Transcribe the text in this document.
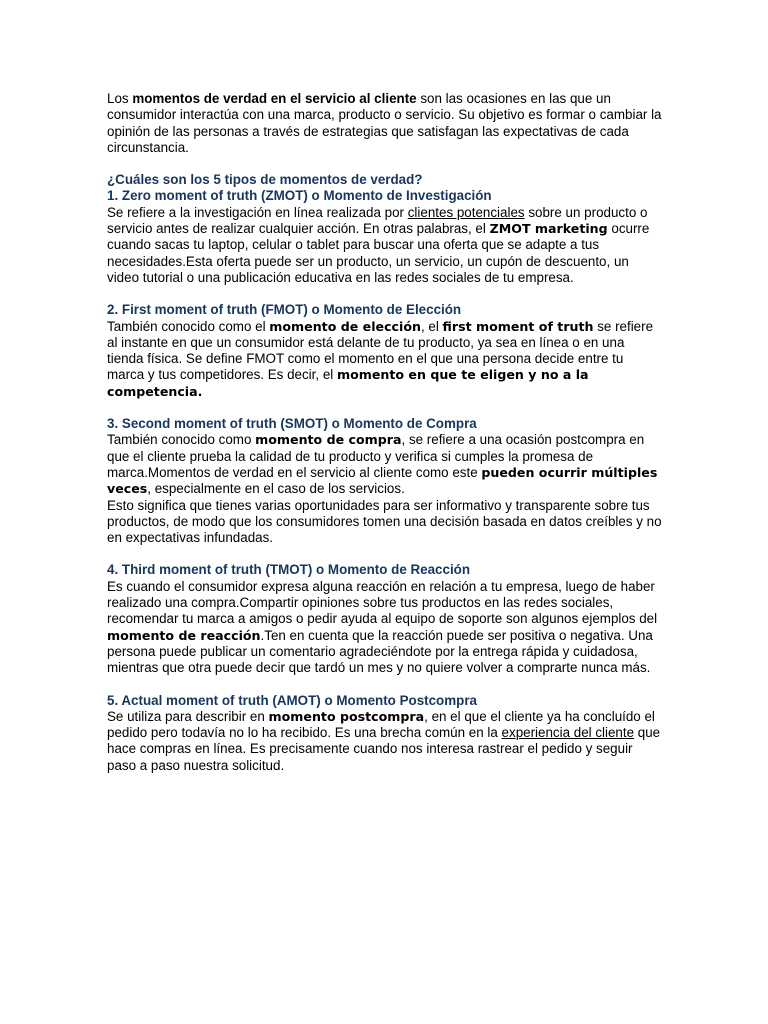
Los momentos de verdad en el servicio al cliente son las ocasiones en las que un consumidor interactúa con una marca, producto o servicio. Su objetivo es formar o cambiar la opinión de las personas a través de estrategias que satisfagan las expectativas de cada circunstancia.

¿Cuáles son los 5 tipos de momentos de verdad?

1. Zero moment of truth (ZMOT) o Momento de Investigación

Se refiere a la investigación en línea realizada por clientes potenciales sobre un producto o servicio antes de realizar cualquier acción. En otras palabras, el ZMOT marketing ocurre cuando sacas tu laptop, celular o tablet para buscar una oferta que se adapte a tus necesidades.Esta oferta puede ser un producto, un servicio, un cupón de descuento, un video tutorial o una publicación educativa en las redes sociales de tu empresa.

2. First moment of truth (FMOT) o Momento de Elección

También conocido como el momento de elección, el first moment of truth se refiere al instante en que un consumidor está delante de tu producto, ya sea en línea o en una tienda física. Se define FMOT como el momento en el que una persona decide entre tu marca y tus competidores. Es decir, el momento en que te eligen y no a la competencia.

3. Second moment of truth (SMOT) o Momento de Compra

También conocido como momento de compra, se refiere a una ocasión postcompra en que el cliente prueba la calidad de tu producto y verifica si cumples la promesa de marca.Momentos de verdad en el servicio al cliente como este pueden ocurrir múltiples veces, especialmente en el caso de los servicios.

Esto significa que tienes varias oportunidades para ser informativo y transparente sobre tus productos, de modo que los consumidores tomen una decisión basada en datos creíbles y no en expectativas infundadas.

4. Third moment of truth (TMOT) o Momento de Reacción

Es cuando el consumidor expresa alguna reacción en relación a tu empresa, luego de haber realizado una compra.Compartir opiniones sobre tus productos en las redes sociales, recomendar tu marca a amigos o pedir ayuda al equipo de soporte son algunos ejemplos del momento de reacción.Ten en cuenta que la reacción puede ser positiva o negativa. Una persona puede publicar un comentario agradeciéndote por la entrega rápida y cuidadosa, mientras que otra puede decir que tardó un mes y no quiere volver a comprarte nunca más.

5. Actual moment of truth (AMOT) o Momento Postcompra

Se utiliza para describir en momento postcompra, en el que el cliente ya ha concluído el pedido pero todavía no lo ha recibido. Es una brecha común en la experiencia del cliente que hace compras en línea. Es precisamente cuando nos interesa rastrear el pedido y seguir paso a paso nuestra solicitud.
